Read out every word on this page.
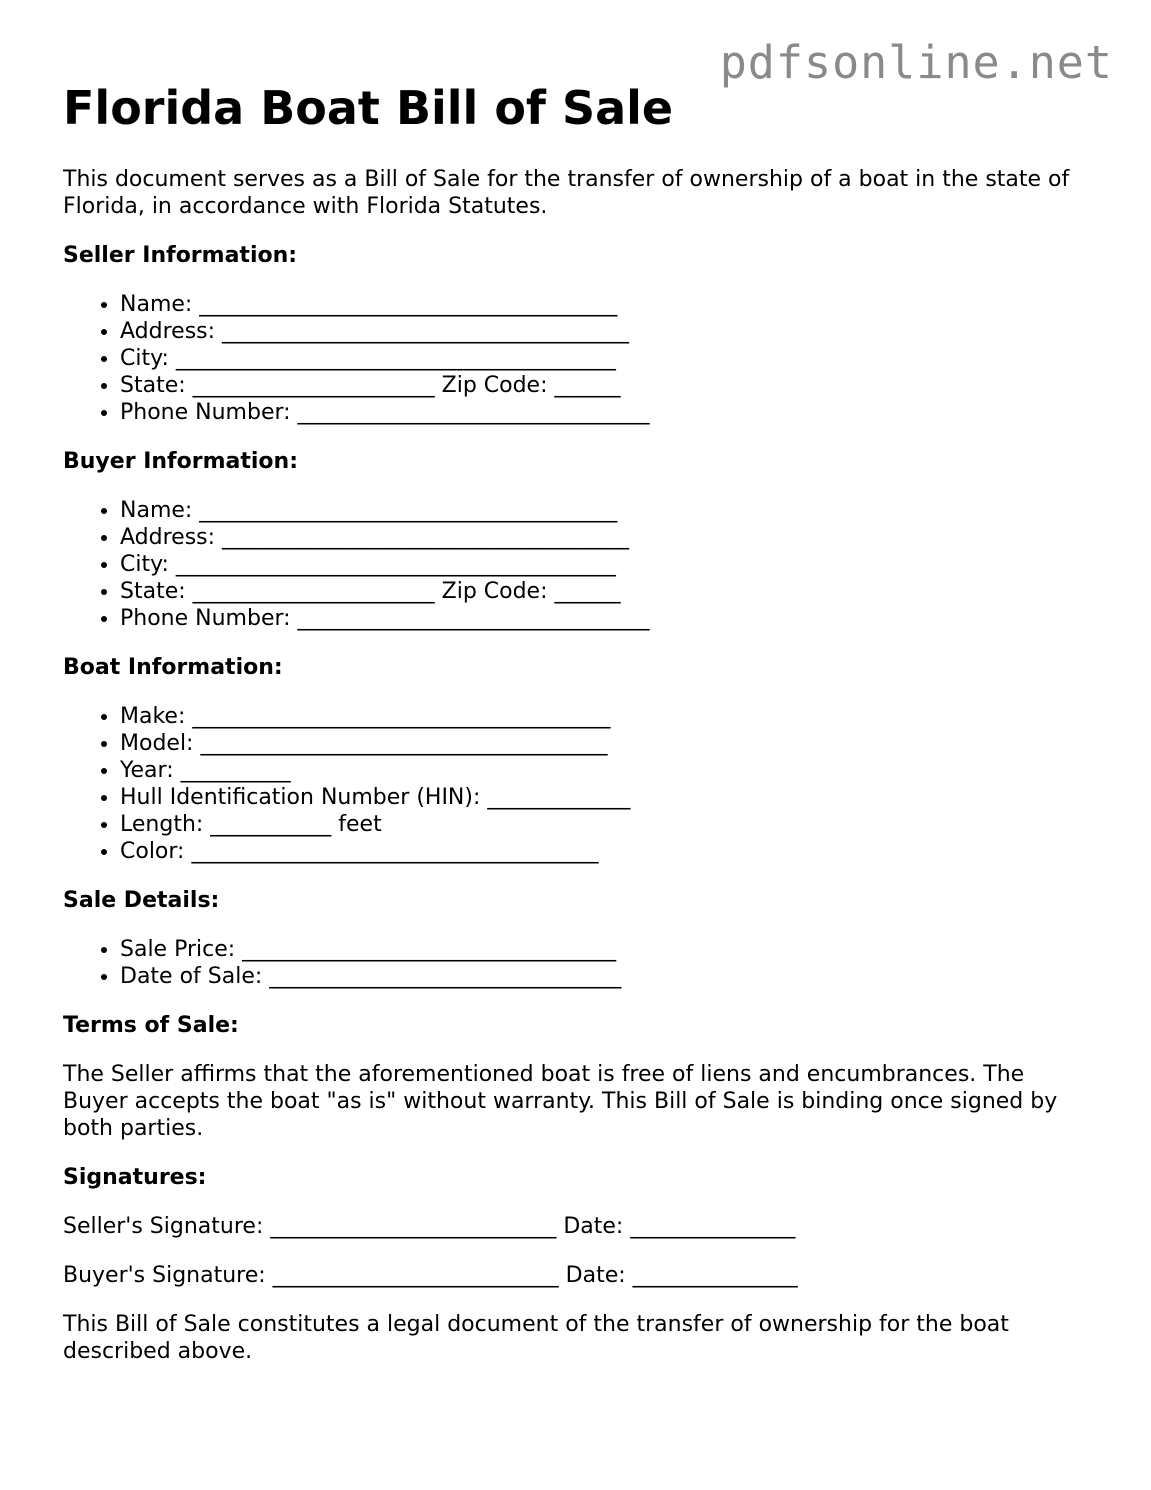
pdfsonline.net
Florida Boat Bill of Sale

This document serves as a Bill of Sale for the transfer of ownership of a boat in the state of Florida, in accordance with Florida Statutes.

Seller Information:
• Name: ______________________________________
• Address: _____________________________________
• City: ________________________________________
• State: ______________________ Zip Code: ______
• Phone Number: ________________________________
Buyer Information:
• Name: ______________________________________
• Address: _____________________________________
• City: ________________________________________
• State: ______________________ Zip Code: ______
• Phone Number: ________________________________
Boat Information:
• Make: ______________________________________
• Model: _____________________________________
• Year: __________
• Hull Identification Number (HIN): _____________
• Length: ___________ feet
• Color: _____________________________________
Sale Details:
• Sale Price: __________________________________
• Date of Sale: ________________________________
Terms of Sale:

The Seller affirms that the aforementioned boat is free of liens and encumbrances. The Buyer accepts the boat "as is" without warranty. This Bill of Sale is binding once signed by both parties.

Signatures:

Seller's Signature: __________________________ Date: _______________

Buyer's Signature: __________________________ Date: _______________

This Bill of Sale constitutes a legal document of the transfer of ownership for the boat described above.
